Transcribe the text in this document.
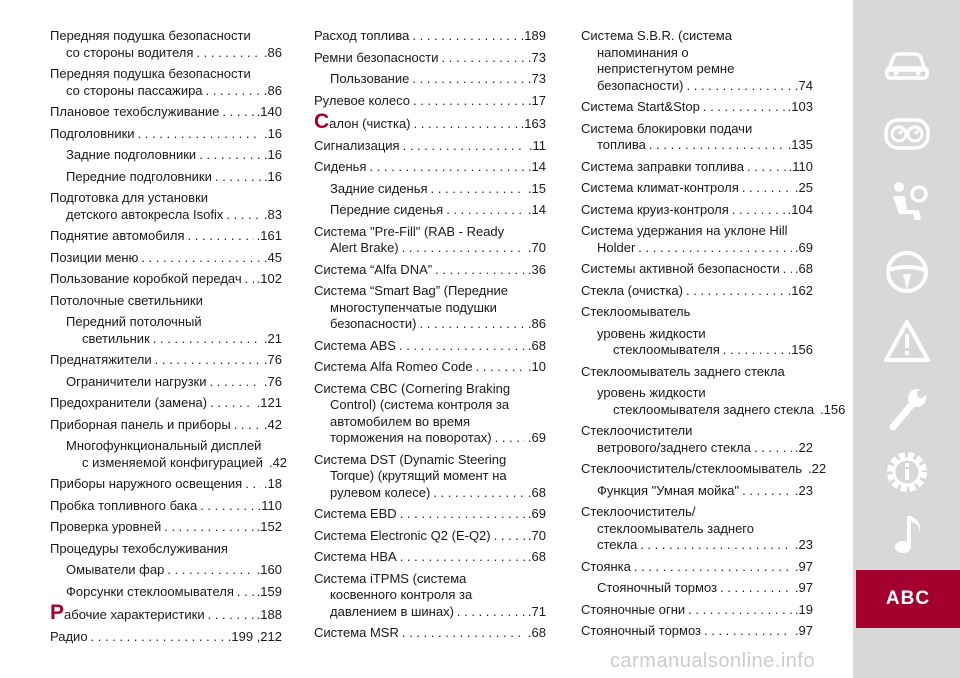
Передняя подушка безопасности
со стороны водителя . . .	.86
Передняя подушка безопасности
со стороны пассажира . . .	.86
Плановое техобслуживание . . .	.140
Подголовники . . .	.16
Задние подголовники . . .	.16
Передние подголовники . . .	.16
Подготовка для установки
детского автокресла Isofix . . .	.83
Поднятие автомобиля . . .	.161
Позиции меню . . .	.45
Пользование коробкой передач . . . .102
Потолочные светильники
Передний потолочный
светильник . . .	.21
Преднатяжители . . .	.76
Ограничители нагрузки . . .	.76
Предохранители (замена) . . .	.121
Приборная панель и приборы . . .	.42
Многофункциональный дисплей
с изменяемой конфигурацией .42
Приборы наружного освещения . . . .18
Пробка топливного бака . . .	.110
Проверка уровней . . .	.152
Процедуры техобслуживания
Омыватели фар . . .	.160
Форсунки стеклоомывателя . . . .159
Рабочие характеристики . . .	.188
Радио . . .	.199 ,212
Расход топлива . . .	.189
Ремни безопасности . . .	.73
Пользование . . .	.73
Рулевое колесо . . .	.17
Салон (чистка) . . .	.163
Сигнализация . . .	.11
Сиденья . . .	.14
Задние сиденья . . .	.15
Передние сиденья . . .	.14
Система "Pre-Fill" (RAB - Ready
Alert Brake) . . .	.70
Система “Alfa DNA” . . .	.36
Система “Smart Bag” (Передние
многоступенчатые подушки
безопасности) . . .	.86
Система ABS . . .	.68
Система Alfa Romeo Code . . .	.10
Система CBC (Cornering Braking
Control) (система контроля за
автомобилем во время
торможения на поворотах) . . .	.69
Система DST (Dynamic Steering
Torque) (крутящий момент на
рулевом колесе) . . .	.68
Система EBD . . .	.69
Система Electronic Q2 (E-Q2) . . .	.70
Система HBA . . .	.68
Система iTPMS (система
косвенного контроля за
давлением в шинах) . . .	.71
Система MSR . . .	.68
Система S.B.R. (система
напоминания о
непристегнутом ремне
безопасности) . . .	.74
Система Start&Stop . . .	.103
Система блокировки подачи
топлива . . .	.135
Система заправки топлива . . .	.110
Система климат-контроля . . .	.25
Система круиз-контроля . . .	.104
Система удержания на уклоне Hill
Holder . . .	.69
Системы активной безопасности . . . .68
Стекла (очистка) . . .	.162
Стеклоомыватель
уровень жидкости
стеклоомывателя . . .	.156
Стеклоомыватель заднего стекла
уровень жидкости
стеклоомывателя заднего стекла .156
Стеклоочистители
ветрового/заднего стекла . . .	.22
Стеклоочиститель/стеклоомыватель .22
Функция "Умная мойка" . . .	.23
Стеклоочиститель/
стеклоомыватель заднего
стекла . . .	.23
Стоянка . . .	.97
Стояночный тормоз . . .	.97
Стояночные огни . . .	.19
Стояночный тормоз . . .	.97
ABC
carmanualsonline.info
